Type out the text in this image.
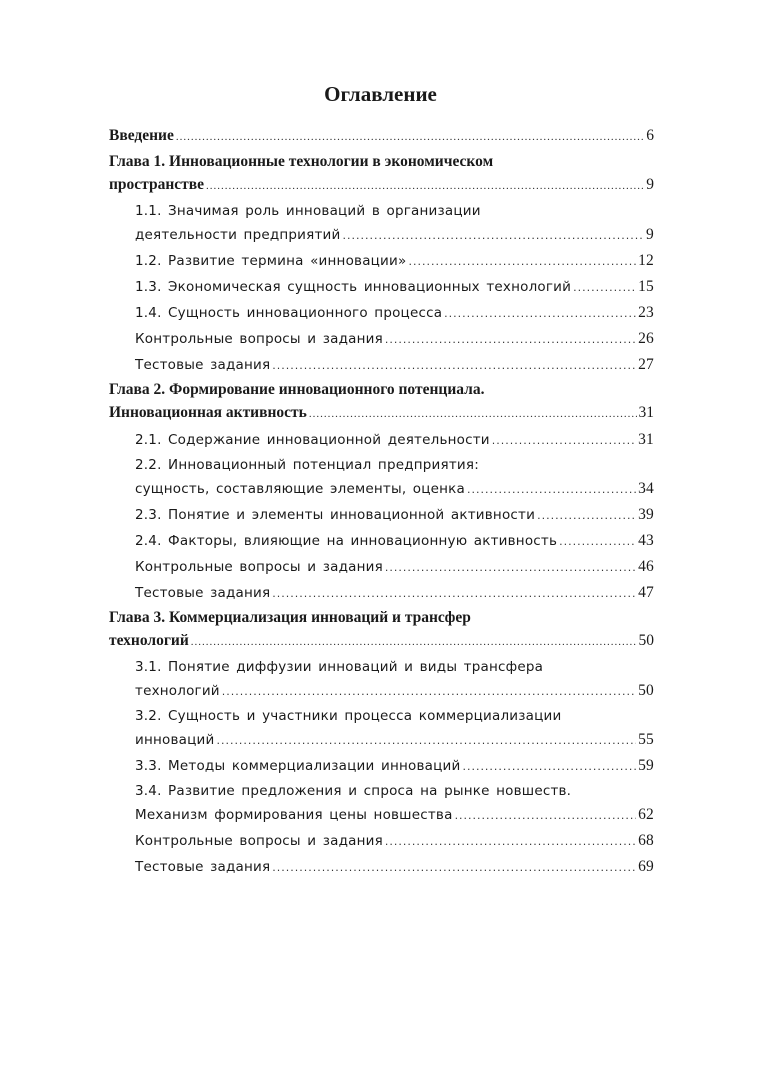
Оглавление
Введение .....	6
Глава 1. Инновационные технологии в экономическом
пространстве .....	9
1.1. Значимая роль инноваций в организации
деятельности предприятий .....	9
1.2. Развитие термина «инновации» .....	12
1.3. Экономическая сущность инновационных технологий .....	15
1.4. Сущность инновационного процесса .....	23
Контрольные вопросы и задания .....	26
Тестовые задания .....	27
Глава 2. Формирование инновационного потенциала.
Инновационная активность .....	31
2.1. Содержание инновационной деятельности .....	31
2.2. Инновационный потенциал предприятия:
сущность, составляющие элементы, оценка .....	34
2.3. Понятие и элементы инновационной активности .....	39
2.4. Факторы, влияющие на инновационную активность .....	43
Контрольные вопросы и задания .....	46
Тестовые задания .....	47
Глава 3. Коммерциализация инноваций и трансфер
технологий .....	50
3.1. Понятие диффузии инноваций и виды трансфера
технологий .....	50
3.2. Сущность и участники процесса коммерциализации
инноваций .....	55
3.3. Методы коммерциализации инноваций .....	59
3.4. Развитие предложения и спроса на рынке новшеств.
Механизм формирования цены новшества .....	62
Контрольные вопросы и задания .....	68
Тестовые задания .....	69
